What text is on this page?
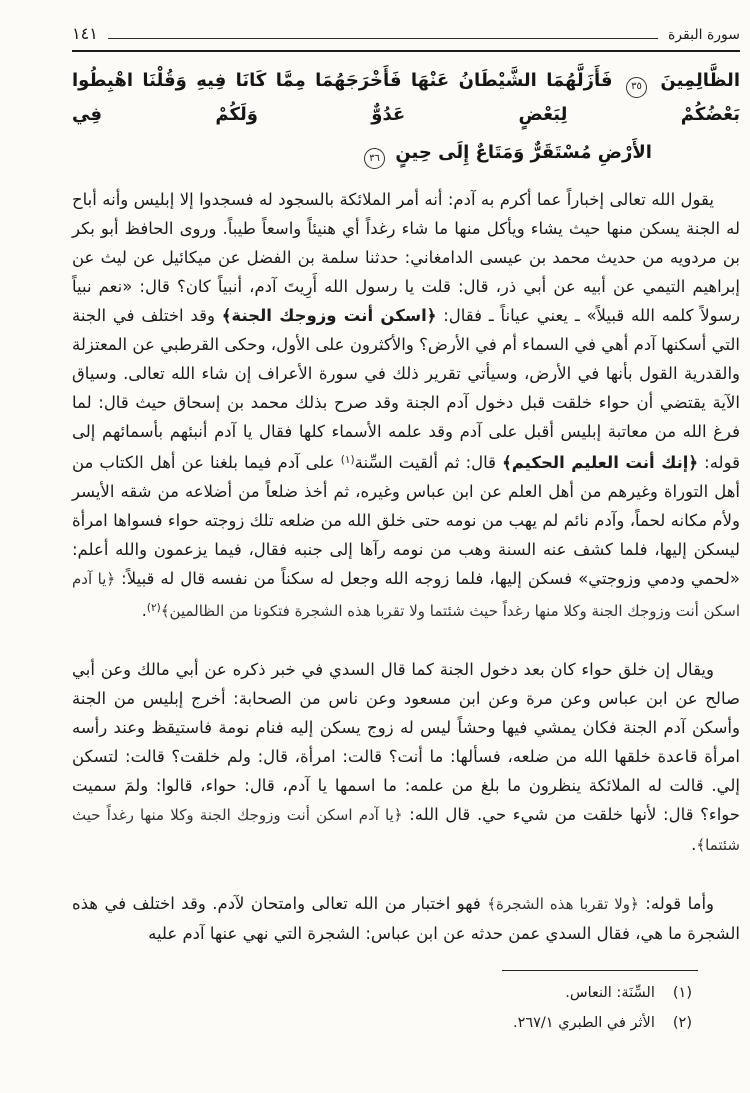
سورة البقرة
١٤١
الظَّالِمِينَ
٣٥
فَأَزَلَّهُمَا الشَّيْطَانُ عَنْهَا فَأَخْرَجَهُمَا مِمَّا كَانَا فِيهِ وَقُلْنَا اهْبِطُوا بَعْضُكُمْ لِبَعْضٍ عَدُوٌّ وَلَكُمْ فِي
الأَرْضِ مُسْتَقَرٌّ وَمَتَاعٌ إِلَى حِينٍ
٣٦

يقول الله تعالى إخباراً عما أكرم به آدم: أنه أمر الملائكة بالسجود له فسجدوا إلا إبليس وأنه أباح له الجنة يسكن منها حيث يشاء ويأكل منها ما شاء رغداً أي هنيئاً واسعاً طيباً. وروى الحافظ أبو بكر بن مردويه من حديث محمد بن عيسى الدامغاني: حدثنا سلمة بن الفضل عن ميكائيل عن ليث عن إبراهيم التيمي عن أبيه عن أبي ذر، قال: قلت يا رسول الله أَرِيتَ آدم، أنبياً كان؟ قال: «نعم نبياً رسولاً كلمه الله قبيلاً» ـ يعني عياناً ـ فقال: ﴿اسكن أنت وزوجك الجنة﴾ وقد اختلف في الجنة التي أسكنها آدم أهي في السماء أم في الأرض؟ والأكثرون على الأول، وحكى القرطبي عن المعتزلة والقدرية القول بأنها في الأرض، وسيأتي تقرير ذلك في سورة الأعراف إن شاء الله تعالى. وسياق الآية يقتضي أن حواء خلقت قبل دخول آدم الجنة وقد صرح بذلك محمد بن إسحاق حيث قال: لما فرغ الله من معاتبة إبليس أقبل على آدم وقد علمه الأسماء كلها فقال يا آدم أنبئهم بأسمائهم إلى قوله: ﴿إنك أنت العليم الحكيم﴾ قال: ثم ألقيت السِّنة$^{(١)}$ على آدم فيما بلغنا عن أهل الكتاب من أهل التوراة وغيرهم من أهل العلم عن ابن عباس وغيره، ثم أخذ ضلعاً من أضلاعه من شقه الأيسر ولأم مكانه لحماً، وآدم نائم لم يهب من نومه حتى خلق الله من ضلعه تلك زوجته حواء فسواها امرأة ليسكن إليها، فلما كشف عنه السنة وهب من نومه رآها إلى جنبه فقال، فيما يزعمون والله أعلم: «لحمي ودمي وزوجتي» فسكن إليها، فلما زوجه الله وجعل له سكناً من نفسه قال له قبيلاً: ﴿يا آدم اسكن أنت وزوجك الجنة وكلا منها رغداً حيث شئتما ولا تقربا هذه الشجرة فتكونا من الظالمين﴾$^{(٢)}$.

ويقال إن خلق حواء كان بعد دخول الجنة كما قال السدي في خبر ذكره عن أبي مالك وعن أبي صالح عن ابن عباس وعن مرة وعن ابن مسعود وعن ناس من الصحابة: أخرج إبليس من الجنة وأسكن آدم الجنة فكان يمشي فيها وحشاً ليس له زوج يسكن إليه فنام نومة فاستيقظ وعند رأسه امرأة قاعدة خلقها الله من ضلعه، فسألها: ما أنت؟ قالت: امرأة، قال: ولم خلقت؟ قالت: لتسكن إلي. قالت له الملائكة ينظرون ما بلغ من علمه: ما اسمها يا آدم، قال: حواء، قالوا: ولمَ سميت حواء؟ قال: لأنها خلقت من شيء حي. قال الله: ﴿يا آدم اسكن أنت وزوجك الجنة وكلا منها رغداً حيث شئتما﴾.

وأما قوله: ﴿ولا تقربا هذه الشجرة﴾ فهو اختبار من الله تعالى وامتحان لآدم. وقد اختلف في هذه الشجرة ما هي، فقال السدي عمن حدثه عن ابن عباس: الشجرة التي نهي عنها آدم عليه

(١)
السِّنَة: النعاس.
(٢)
الأثر في الطبري ٢٦٧/١.
